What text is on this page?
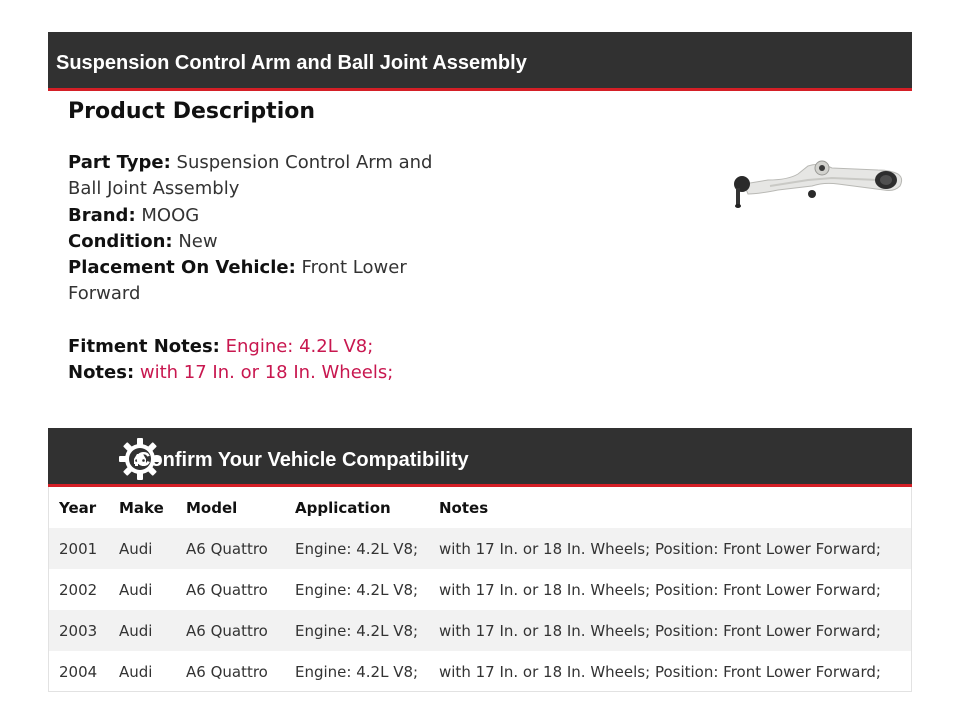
Suspension Control Arm and Ball Joint Assembly
Product Description
Part Type: Suspension Control Arm and Ball Joint Assembly
Brand: MOOG
Condition: New
Placement On Vehicle: Front Lower Forward
Fitment Notes: Engine: 4.2L V8;
Notes: with 17 In. or 18 In. Wheels;
Confirm Your Vehicle Compatibility
Year	Make	Model	Application	Notes
2001	Audi	A6 Quattro	Engine: 4.2L V8;	with 17 In. or 18 In. Wheels; Position: Front Lower Forward;
2002	Audi	A6 Quattro	Engine: 4.2L V8;	with 17 In. or 18 In. Wheels; Position: Front Lower Forward;
2003	Audi	A6 Quattro	Engine: 4.2L V8;	with 17 In. or 18 In. Wheels; Position: Front Lower Forward;
2004	Audi	A6 Quattro	Engine: 4.2L V8;	with 17 In. or 18 In. Wheels; Position: Front Lower Forward;
